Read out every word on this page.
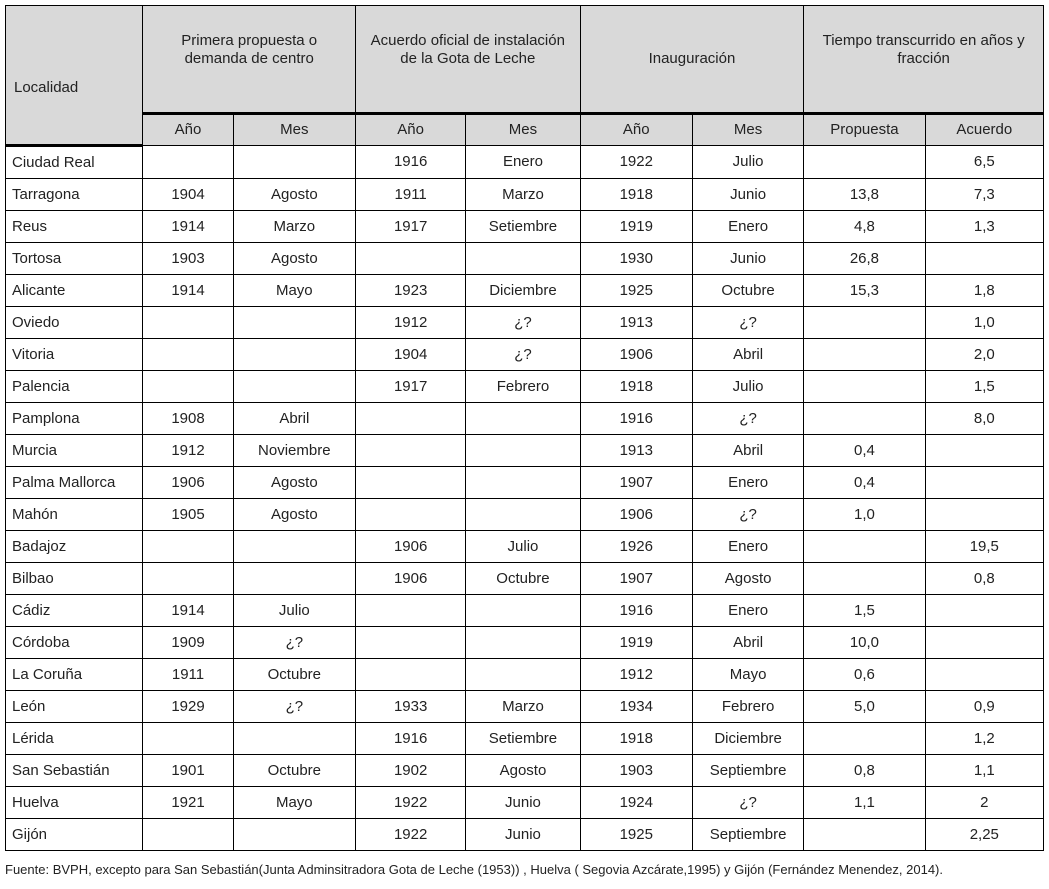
Localidad	Primera propuesta o demanda de centro		Acuerdo oficial de instalación de la Gota de Leche		Inauguración		Tiempo transcurrido en años y fracción	
	Año	Mes	Año	Mes	Año	Mes	Propuesta	Acuerdo
Ciudad Real			1916	Enero	1922	Julio		6,5
Tarragona	1904	Agosto	1911	Marzo	1918	Junio	13,8	7,3
Reus	1914	Marzo	1917	Setiembre	1919	Enero	4,8	1,3
Tortosa	1903	Agosto			1930	Junio	26,8	
Alicante	1914	Mayo	1923	Diciembre	1925	Octubre	15,3	1,8
Oviedo			1912	¿?	1913	¿?		1,0
Vitoria			1904	¿?	1906	Abril		2,0
Palencia			1917	Febrero	1918	Julio		1,5
Pamplona	1908	Abril			1916	¿?		8,0
Murcia	1912	Noviembre			1913	Abril	0,4	
Palma Mallorca	1906	Agosto			1907	Enero	0,4	
Mahón	1905	Agosto			1906	¿?	1,0	
Badajoz			1906	Julio	1926	Enero		19,5
Bilbao			1906	Octubre	1907	Agosto		0,8
Cádiz	1914	Julio			1916	Enero	1,5	
Córdoba	1909	¿?			1919	Abril	10,0	
La Coruña	1911	Octubre			1912	Mayo	0,6	
León	1929	¿?	1933	Marzo	1934	Febrero	5,0	0,9
Lérida			1916	Setiembre	1918	Diciembre		1,2
San Sebastián	1901	Octubre	1902	Agosto	1903	Septiembre	0,8	1,1
Huelva	1921	Mayo	1922	Junio	1924	¿?	1,1	2
Gijón			1922	Junio	1925	Septiembre		2,25
Fuente: BVPH, excepto para San Sebastián(Junta Adminsitradora Gota de Leche (1953)) , Huelva ( Segovia Azcárate,1995) y Gijón (Fernández Menendez, 2014).
